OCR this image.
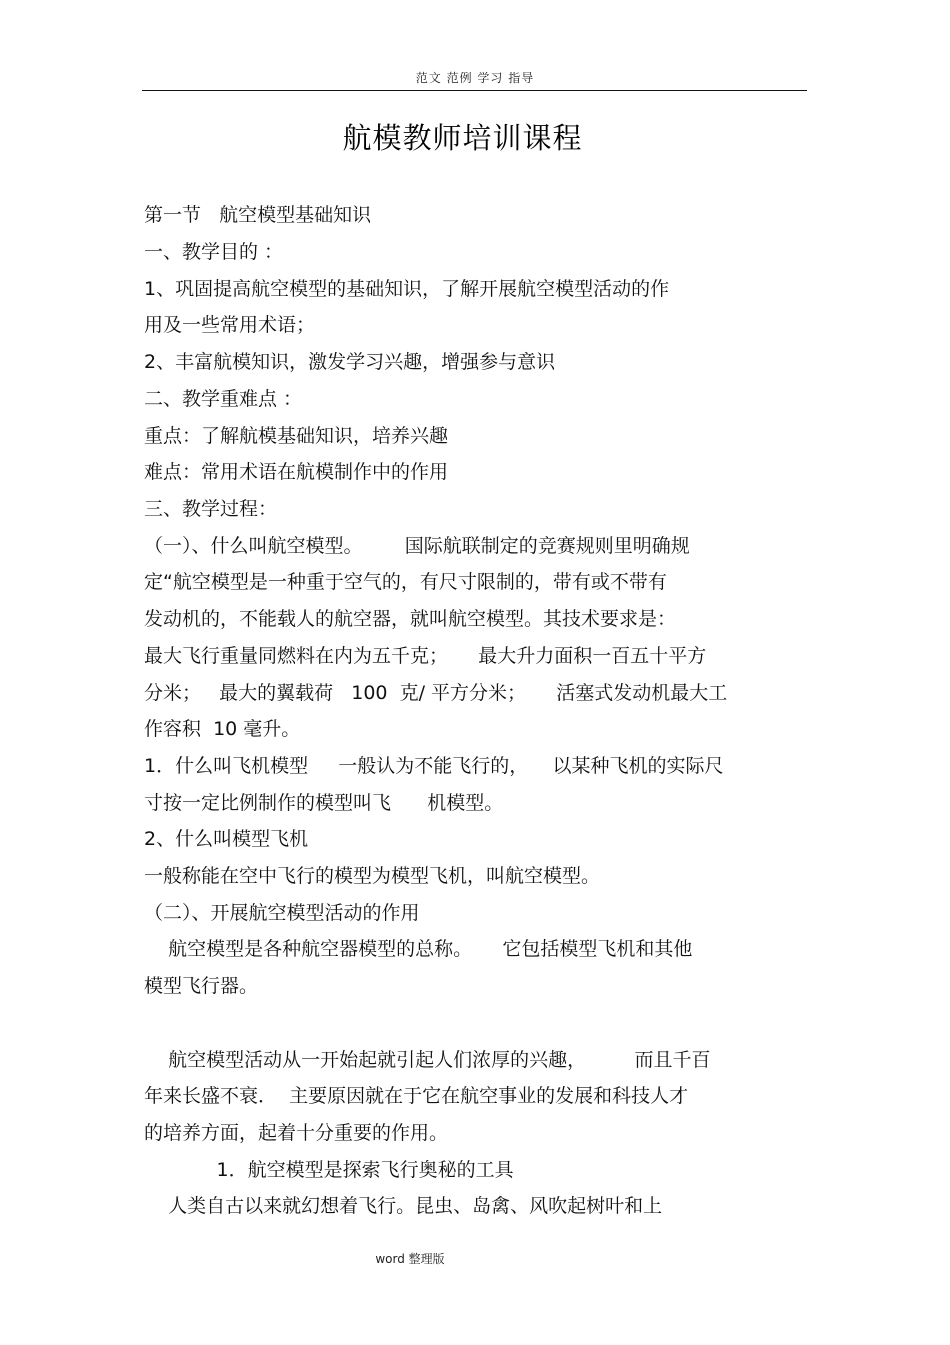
范文 范例 学习 指导
航模教师培训课程
第一节   航空模型基础知识
一、教学目的 ：
1、巩固提高航空模型的基础知识，了解开展航空模型活动的作
用及一些常用术语；
2、丰富航模知识，激发学习兴趣，增强参与意识
二、教学重难点 ：
重点：了解航模基础知识，培养兴趣
难点：常用术语在航模制作中的作用
三、教学过程：
（一）、什么叫航空模型。       国际航联制定的竞赛规则里明确规
定“航空模型是一种重于空气的，有尺寸限制的，带有或不带有
发动机的，不能载人的航空器，就叫航空模型。其技术要求是：
最大飞行重量同燃料在内为五千克；     最大升力面积一百五十平方
分米；   最大的翼载荷   100  克/ 平方分米；     活塞式发动机最大工
作容积  10 毫升。
1．什么叫飞机模型     一般认为不能飞行的，    以某种飞机的实际尺
寸按一定比例制作的模型叫飞      机模型。
2、什么叫模型飞机
一般称能在空中飞行的模型为模型飞机，叫航空模型。
（二）、开展航空模型活动的作用
航空模型是各种航空器模型的总称。     它包括模型飞机和其他
模型飞行器。
航空模型活动从一开始起就引起人们浓厚的兴趣，        而且千百
年来长盛不衰．  主要原因就在于它在航空事业的发展和科技人才
的培养方面，起着十分重要的作用。
1．航空模型是探索飞行奥秘的工具
人类自古以来就幻想着飞行。昆虫、岛禽、风吹起树叶和上
word 整理版
